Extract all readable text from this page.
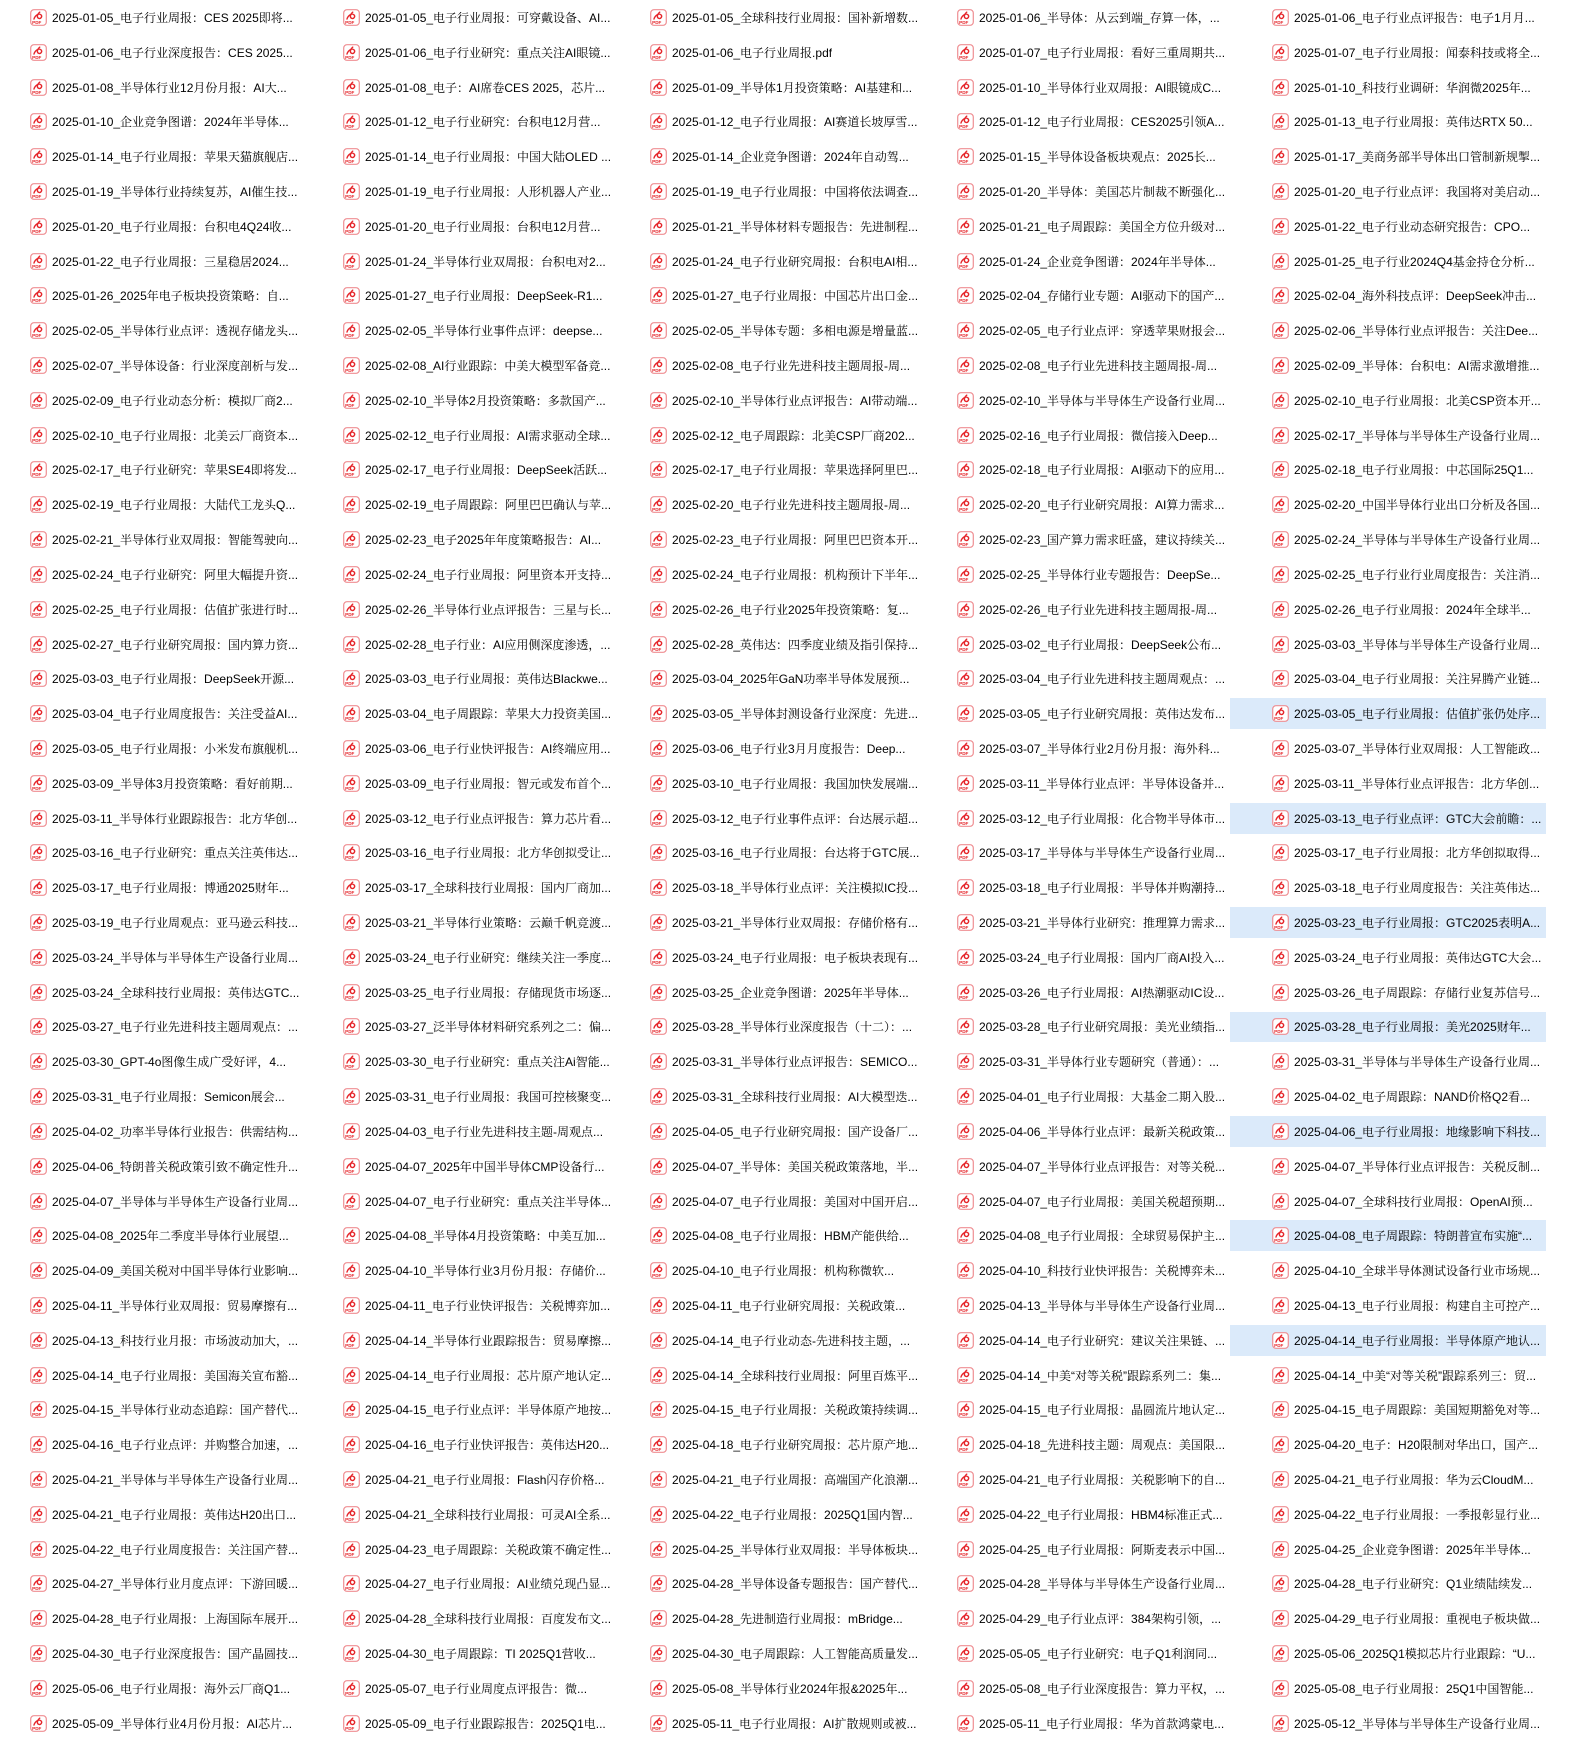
PDF 2025-01-05_电子行业周报：CES 2025即将...
PDF 2025-01-06_电子行业深度报告：CES 2025...
PDF 2025-01-08_半导体行业12月份月报：AI大...
PDF 2025-01-10_企业竞争图谱：2024年半导体...
PDF 2025-01-14_电子行业周报：苹果天猫旗舰店...
PDF 2025-01-19_半导体行业持续复苏，AI催生技...
PDF 2025-01-20_电子行业周报：台积电4Q24收...
PDF 2025-01-22_电子行业周报：三星稳居2024...
PDF 2025-01-26_2025年电子板块投资策略：自...
PDF 2025-02-05_半导体行业点评：透视存储龙头...
PDF 2025-02-07_半导体设备：行业深度剖析与发...
PDF 2025-02-09_电子行业动态分析：模拟厂商2...
PDF 2025-02-10_电子行业周报：北美云厂商资本...
PDF 2025-02-17_电子行业研究：苹果SE4即将发...
PDF 2025-02-19_电子行业周报：大陆代工龙头Q...
PDF 2025-02-21_半导体行业双周报：智能驾驶向...
PDF 2025-02-24_电子行业研究：阿里大幅提升资...
PDF 2025-02-25_电子行业周报：估值扩张进行时...
PDF 2025-02-27_电子行业研究周报：国内算力资...
PDF 2025-03-03_电子行业周报：DeepSeek开源...
PDF 2025-03-04_电子行业周度报告：关注受益AI...
PDF 2025-03-05_电子行业周报：小米发布旗舰机...
PDF 2025-03-09_半导体3月投资策略：看好前期...
PDF 2025-03-11_半导体行业跟踪报告：北方华创...
PDF 2025-03-16_电子行业研究：重点关注英伟达...
PDF 2025-03-17_电子行业周报：博通2025财年...
PDF 2025-03-19_电子行业周观点：亚马逊云科技...
PDF 2025-03-24_半导体与半导体生产设备行业周...
PDF 2025-03-24_全球科技行业周报：英伟达GTC...
PDF 2025-03-27_电子行业先进科技主题周观点：...
PDF 2025-03-30_GPT-4o图像生成广受好评，4...
PDF 2025-03-31_电子行业周报：Semicon展会...
PDF 2025-04-02_功率半导体行业报告：供需结构...
PDF 2025-04-06_特朗普关税政策引致不确定性升...
PDF 2025-04-07_半导体与半导体生产设备行业周...
PDF 2025-04-08_2025年二季度半导体行业展望...
PDF 2025-04-09_美国关税对中国半导体行业影响...
PDF 2025-04-11_半导体行业双周报：贸易摩擦有...
PDF 2025-04-13_科技行业月报：市场波动加大，...
PDF 2025-04-14_电子行业周报：美国海关宣布豁...
PDF 2025-04-15_半导体行业动态追踪：国产替代...
PDF 2025-04-16_电子行业点评：并购整合加速，...
PDF 2025-04-21_半导体与半导体生产设备行业周...
PDF 2025-04-21_电子行业周报：英伟达H20出口...
PDF 2025-04-22_电子行业周度报告：关注国产替...
PDF 2025-04-27_半导体行业月度点评：下游回暖...
PDF 2025-04-28_电子行业周报：上海国际车展开...
PDF 2025-04-30_电子行业深度报告：国产晶圆技...
PDF 2025-05-06_电子行业周报：海外云厂商Q1...
PDF 2025-05-09_半导体行业4月份月报：AI芯片...
PDF 2025-01-05_电子行业周报：可穿戴设备、AI...
PDF 2025-01-06_电子行业研究：重点关注AI眼镜...
PDF 2025-01-08_电子：AI席卷CES 2025，芯片...
PDF 2025-01-12_电子行业研究：台积电12月营...
PDF 2025-01-14_电子行业周报：中国大陆OLED ...
PDF 2025-01-19_电子行业周报：人形机器人产业...
PDF 2025-01-20_电子行业周报：台积电12月营...
PDF 2025-01-24_半导体行业双周报：台积电对2...
PDF 2025-01-27_电子行业周报：DeepSeek-R1...
PDF 2025-02-05_半导体行业事件点评：deepse...
PDF 2025-02-08_AI行业跟踪：中美大模型军备竞...
PDF 2025-02-10_半导体2月投资策略：多款国产...
PDF 2025-02-12_电子行业周报：AI需求驱动全球...
PDF 2025-02-17_电子行业周报：DeepSeek活跃...
PDF 2025-02-19_电子周跟踪：阿里巴巴确认与苹...
PDF 2025-02-23_电子2025年年度策略报告：AI...
PDF 2025-02-24_电子行业周报：阿里资本开支持...
PDF 2025-02-26_半导体行业点评报告：三星与长...
PDF 2025-02-28_电子行业：AI应用侧深度渗透，...
PDF 2025-03-03_电子行业周报：英伟达Blackwe...
PDF 2025-03-04_电子周跟踪：苹果大力投资美国...
PDF 2025-03-06_电子行业快评报告：AI终端应用...
PDF 2025-03-09_电子行业周报：智元或发布首个...
PDF 2025-03-12_电子行业点评报告：算力芯片看...
PDF 2025-03-16_电子行业周报：北方华创拟受让...
PDF 2025-03-17_全球科技行业周报：国内厂商加...
PDF 2025-03-21_半导体行业策略：云巅千帆竞渡...
PDF 2025-03-24_电子行业研究：继续关注一季度...
PDF 2025-03-25_电子行业周报：存储现货市场逐...
PDF 2025-03-27_泛半导体材料研究系列之二：偏...
PDF 2025-03-30_电子行业研究：重点关注Ai智能...
PDF 2025-03-31_电子行业周报：我国可控核聚变...
PDF 2025-04-03_电子行业先进科技主题-周观点...
PDF 2025-04-07_2025年中国半导体CMP设备行...
PDF 2025-04-07_电子行业研究：重点关注半导体...
PDF 2025-04-08_半导体4月投资策略：中美互加...
PDF 2025-04-10_半导体行业3月份月报：存储价...
PDF 2025-04-11_电子行业快评报告：关税博弈加...
PDF 2025-04-14_半导体行业跟踪报告：贸易摩擦...
PDF 2025-04-14_电子行业周报：芯片原产地认定...
PDF 2025-04-15_电子行业点评：半导体原产地按...
PDF 2025-04-16_电子行业快评报告：英伟达H20...
PDF 2025-04-21_电子行业周报：Flash闪存价格...
PDF 2025-04-21_全球科技行业周报：可灵AI全系...
PDF 2025-04-23_电子周跟踪：关税政策不确定性...
PDF 2025-04-27_电子行业周报：AI业绩兑现凸显...
PDF 2025-04-28_全球科技行业周报：百度发布文...
PDF 2025-04-30_电子周跟踪：TI 2025Q1营收...
PDF 2025-05-07_电子行业周度点评报告：微...
PDF 2025-05-09_电子行业跟踪报告：2025Q1电...
PDF 2025-01-05_全球科技行业周报：国补新增数...
PDF 2025-01-06_电子行业周报.pdf
PDF 2025-01-09_半导体1月投资策略：AI基建和...
PDF 2025-01-12_电子行业周报：AI赛道长坡厚雪...
PDF 2025-01-14_企业竞争图谱：2024年自动驾...
PDF 2025-01-19_电子行业周报：中国将依法调查...
PDF 2025-01-21_半导体材料专题报告：先进制程...
PDF 2025-01-24_电子行业研究周报：台积电AI相...
PDF 2025-01-27_电子行业周报：中国芯片出口金...
PDF 2025-02-05_半导体专题：多相电源是增量蓝...
PDF 2025-02-08_电子行业先进科技主题周报-周...
PDF 2025-02-10_半导体行业点评报告：AI带动端...
PDF 2025-02-12_电子周跟踪：北美CSP厂商202...
PDF 2025-02-17_电子行业周报：苹果选择阿里巴...
PDF 2025-02-20_电子行业先进科技主题周报-周...
PDF 2025-02-23_电子行业周报：阿里巴巴资本开...
PDF 2025-02-24_电子行业周报：机构预计下半年...
PDF 2025-02-26_电子行业2025年投资策略：复...
PDF 2025-02-28_英伟达：四季度业绩及指引保持...
PDF 2025-03-04_2025年GaN功率半导体发展预...
PDF 2025-03-05_半导体封测设备行业深度：先进...
PDF 2025-03-06_电子行业3月月度报告：Deep...
PDF 2025-03-10_电子行业周报：我国加快发展端...
PDF 2025-03-12_电子行业事件点评：台达展示超...
PDF 2025-03-16_电子行业周报：台达将于GTC展...
PDF 2025-03-18_半导体行业点评：关注模拟IC投...
PDF 2025-03-21_半导体行业双周报：存储价格有...
PDF 2025-03-24_电子行业周报：电子板块表现有...
PDF 2025-03-25_企业竞争图谱：2025年半导体...
PDF 2025-03-28_半导体行业深度报告（十二）：...
PDF 2025-03-31_半导体行业点评报告：SEMICO...
PDF 2025-03-31_全球科技行业周报：AI大模型迭...
PDF 2025-04-05_电子行业研究周报：国产设备厂...
PDF 2025-04-07_半导体：美国关税政策落地，半...
PDF 2025-04-07_电子行业周报：美国对中国开启...
PDF 2025-04-08_电子行业周报：HBM产能供给...
PDF 2025-04-10_电子行业周报：机构称微软...
PDF 2025-04-11_电子行业研究周报：关税政策...
PDF 2025-04-14_电子行业动态-先进科技主题，...
PDF 2025-04-14_全球科技行业周报：阿里百炼平...
PDF 2025-04-15_电子行业周报：关税政策持续调...
PDF 2025-04-18_电子行业研究周报：芯片原产地...
PDF 2025-04-21_电子行业周报：高端国产化浪潮...
PDF 2025-04-22_电子行业周报：2025Q1国内智...
PDF 2025-04-25_半导体行业双周报：半导体板块...
PDF 2025-04-28_半导体设备专题报告：国产替代...
PDF 2025-04-28_先进制造行业周报：mBridge...
PDF 2025-04-30_电子周跟踪：人工智能高质量发...
PDF 2025-05-08_半导体行业2024年报&2025年...
PDF 2025-05-11_电子行业周报：AI扩散规则或被...
PDF 2025-01-06_半导体：从云到端_存算一体，...
PDF 2025-01-07_电子行业周报：看好三重周期共...
PDF 2025-01-10_半导体行业双周报：AI眼镜成C...
PDF 2025-01-12_电子行业周报：CES2025引领A...
PDF 2025-01-15_半导体设备板块观点：2025长...
PDF 2025-01-20_半导体：美国芯片制裁不断强化...
PDF 2025-01-21_电子周跟踪：美国全方位升级对...
PDF 2025-01-24_企业竞争图谱：2024年半导体...
PDF 2025-02-04_存储行业专题：AI驱动下的国产...
PDF 2025-02-05_电子行业点评：穿透苹果财报会...
PDF 2025-02-08_电子行业先进科技主题周报-周...
PDF 2025-02-10_半导体与半导体生产设备行业周...
PDF 2025-02-16_电子行业周报：微信接入Deep...
PDF 2025-02-18_电子行业周报：AI驱动下的应用...
PDF 2025-02-20_电子行业研究周报：AI算力需求...
PDF 2025-02-23_国产算力需求旺盛，建议持续关...
PDF 2025-02-25_半导体行业专题报告：DeepSe...
PDF 2025-02-26_电子行业先进科技主题周报-周...
PDF 2025-03-02_电子行业周报：DeepSeek公布...
PDF 2025-03-04_电子行业先进科技主题周观点：...
PDF 2025-03-05_电子行业研究周报：英伟达发布...
PDF 2025-03-07_半导体行业2月份月报：海外科...
PDF 2025-03-11_半导体行业点评：半导体设备并...
PDF 2025-03-12_电子行业周报：化合物半导体市...
PDF 2025-03-17_半导体与半导体生产设备行业周...
PDF 2025-03-18_电子行业周报：半导体并购潮持...
PDF 2025-03-21_半导体行业研究：推理算力需求...
PDF 2025-03-24_电子行业周报：国内厂商AI投入...
PDF 2025-03-26_电子行业周报：AI热潮驱动IC设...
PDF 2025-03-28_电子行业研究周报：美光业绩指...
PDF 2025-03-31_半导体行业专题研究（普通）：...
PDF 2025-04-01_电子行业周报：大基金二期入股...
PDF 2025-04-06_半导体行业点评：最新关税政策...
PDF 2025-04-07_半导体行业点评报告：对等关税...
PDF 2025-04-07_电子行业周报：美国关税超预期...
PDF 2025-04-08_电子行业周报：全球贸易保护主...
PDF 2025-04-10_科技行业快评报告：关税博弈未...
PDF 2025-04-13_半导体与半导体生产设备行业周...
PDF 2025-04-14_电子行业研究：建议关注果链、...
PDF 2025-04-14_中美“对等关税”跟踪系列二：集...
PDF 2025-04-15_电子行业周报：晶圆流片地认定...
PDF 2025-04-18_先进科技主题：周观点：美国限...
PDF 2025-04-21_电子行业周报：关税影响下的自...
PDF 2025-04-22_电子行业周报：HBM4标准正式...
PDF 2025-04-25_电子行业周报：阿斯麦表示中国...
PDF 2025-04-28_半导体与半导体生产设备行业周...
PDF 2025-04-29_电子行业点评：384架构引领，...
PDF 2025-05-05_电子行业研究：电子Q1利润同...
PDF 2025-05-08_电子行业深度报告：算力平权，...
PDF 2025-05-11_电子行业周报：华为首款鸿蒙电...
PDF 2025-01-06_电子行业点评报告：电子1月月...
PDF 2025-01-07_电子行业周报：闻泰科技或将全...
PDF 2025-01-10_科技行业调研：华润微2025年...
PDF 2025-01-13_电子行业周报：英伟达RTX 50...
PDF 2025-01-17_美商务部半导体出口管制新规掣...
PDF 2025-01-20_电子行业点评：我国将对美启动...
PDF 2025-01-22_电子行业动态研究报告：CPO...
PDF 2025-01-25_电子行业2024Q4基金持仓分析...
PDF 2025-02-04_海外科技点评：DeepSeek冲击...
PDF 2025-02-06_半导体行业点评报告：关注Dee...
PDF 2025-02-09_半导体：台积电：AI需求激增推...
PDF 2025-02-10_电子行业周报：北美CSP资本开...
PDF 2025-02-17_半导体与半导体生产设备行业周...
PDF 2025-02-18_电子行业周报：中芯国际25Q1...
PDF 2025-02-20_中国半导体行业出口分析及各国...
PDF 2025-02-24_半导体与半导体生产设备行业周...
PDF 2025-02-25_电子行业行业周度报告：关注消...
PDF 2025-02-26_电子行业周报：2024年全球半...
PDF 2025-03-03_半导体与半导体生产设备行业周...
PDF 2025-03-04_电子行业周报：关注昇腾产业链...
PDF 2025-03-05_电子行业周报：估值扩张仍处序...
PDF 2025-03-07_半导体行业双周报：人工智能政...
PDF 2025-03-11_半导体行业点评报告：北方华创...
PDF 2025-03-13_电子行业点评：GTC大会前瞻：...
PDF 2025-03-17_电子行业周报：北方华创拟取得...
PDF 2025-03-18_电子行业周度报告：关注英伟达...
PDF 2025-03-23_电子行业周报：GTC2025表明A...
PDF 2025-03-24_电子行业周报：英伟达GTC大会...
PDF 2025-03-26_电子周跟踪：存储行业复苏信号...
PDF 2025-03-28_电子行业周报：美光2025财年...
PDF 2025-03-31_半导体与半导体生产设备行业周...
PDF 2025-04-02_电子周跟踪：NAND价格Q2看...
PDF 2025-04-06_电子行业周报：地缘影响下科技...
PDF 2025-04-07_半导体行业点评报告：关税反制...
PDF 2025-04-07_全球科技行业周报：OpenAI预...
PDF 2025-04-08_电子周跟踪：特朗普宣布实施“...
PDF 2025-04-10_全球半导体测试设备行业市场规...
PDF 2025-04-13_电子行业周报：构建自主可控产...
PDF 2025-04-14_电子行业周报：半导体原产地认...
PDF 2025-04-14_中美“对等关税”跟踪系列三：贸...
PDF 2025-04-15_电子周跟踪：美国短期豁免对等...
PDF 2025-04-20_电子：H20限制对华出口，国产...
PDF 2025-04-21_电子行业周报：华为云CloudM...
PDF 2025-04-22_电子行业周报：一季报彰显行业...
PDF 2025-04-25_企业竞争图谱：2025年半导体...
PDF 2025-04-28_电子行业研究：Q1业绩陆续发...
PDF 2025-04-29_电子行业周报：重视电子板块做...
PDF 2025-05-06_2025Q1模拟芯片行业跟踪：“U...
PDF 2025-05-08_电子行业周报：25Q1中国智能...
PDF 2025-05-12_半导体与半导体生产设备行业周...
